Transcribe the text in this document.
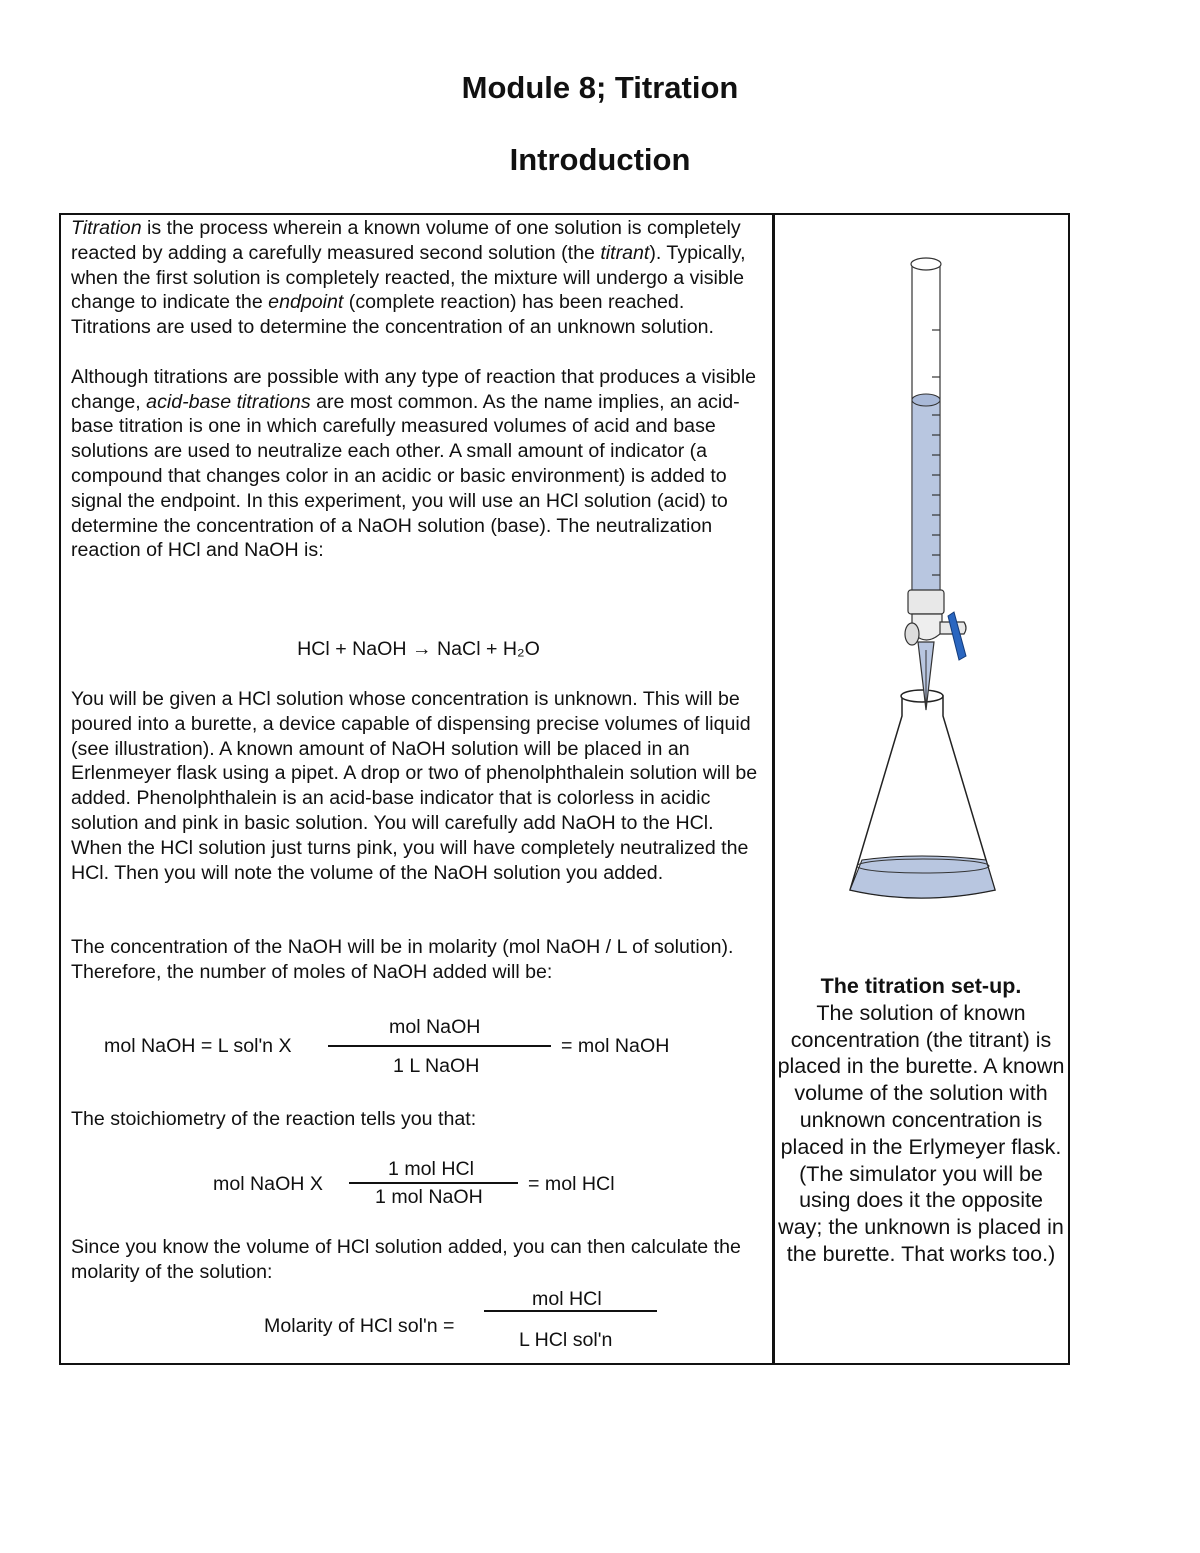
Module 8; Titration
Introduction

Titration is the process wherein a known volume of one solution is completely reacted by adding a carefully measured second solution (the titrant). Typically, when the first solution is completely reacted, the mixture will undergo a visible change to indicate the endpoint (complete reaction) has been reached. Titrations are used to determine the concentration of an unknown solution.

Although titrations are possible with any type of reaction that produces a visible change, acid-base titrations are most common. As the name implies, an acid-base titration is one in which carefully measured volumes of acid and base solutions are used to neutralize each other. A small amount of indicator (a compound that changes color in an acidic or basic environment) is added to signal the endpoint. In this experiment, you will use an HCl solution (acid) to determine the concentration of a NaOH solution (base). The neutralization reaction of HCl and NaOH is:

HCl + NaOH → NaCl + H₂O

You will be given a HCl solution whose concentration is unknown. This will be poured into a burette, a device capable of dispensing precise volumes of liquid (see illustration). A known amount of NaOH solution will be placed in an Erlenmeyer flask using a pipet. A drop or two of phenolphthalein solution will be added. Phenolphthalein is an acid-base indicator that is colorless in acidic solution and pink in basic solution. You will carefully add NaOH to the HCl. When the HCl solution just turns pink, you will have completely neutralized the HCl. Then you will note the volume of the NaOH solution you added.

The concentration of the NaOH will be in molarity (mol NaOH / L of solution). Therefore, the number of moles of NaOH added will be:

mol NaOH = L sol'n X
mol NaOH
1 L NaOH
= mol NaOH

The stoichiometry of the reaction tells you that:

mol NaOH X
1 mol HCl
1 mol NaOH
= mol HCl

Since you know the volume of HCl solution added, you can then calculate the molarity of the solution:

Molarity of HCl sol'n =
mol HCl
L HCl sol'n
The titration set-up.
The solution of known concentration (the titrant) is placed in the burette. A known volume of the solution with unknown concentration is placed in the Erlymeyer flask. (The simulator you will be using does it the opposite way; the unknown is placed in the burette. That works too.)
